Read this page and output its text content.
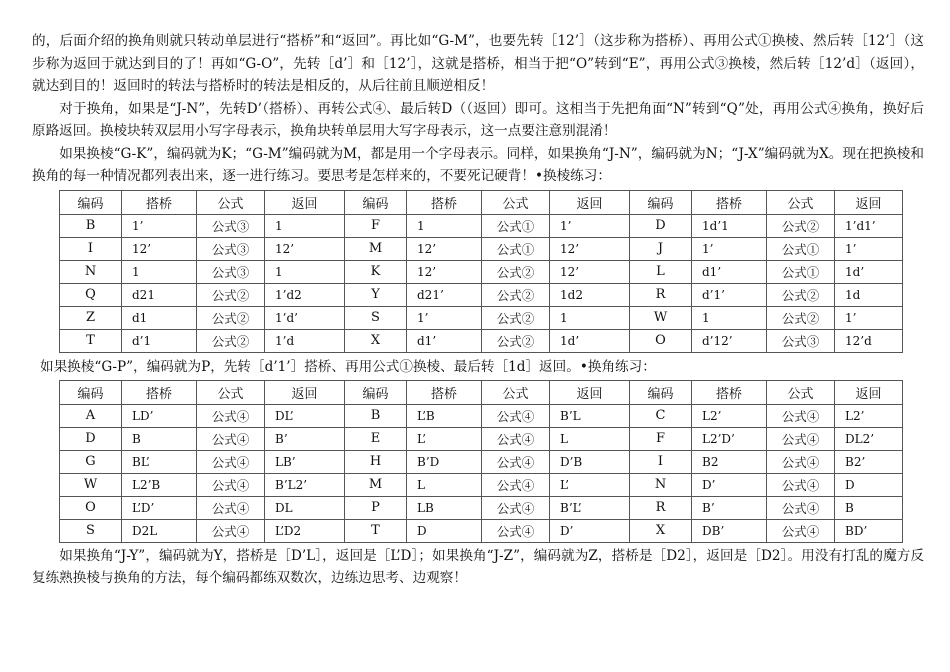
的，后面介绍的换角则就只转动单层进行“搭桥”和“返回”。再比如“G-M”，也要先转［12’］（这步称为搭桥）、再用公式①换棱、然后转［12’］（这步称为返回于就达到目的了！再如“G-O”，先转［d’］和［12’］，这就是搭桥，相当于把“O”转到“E”，再用公式③换棱，然后转［12’d］（返回），就达到目的！返回时的转法与搭桥时的转法是相反的，从后往前且顺逆相反！

对于换角，如果是“J-N”，先转D’（搭桥）、再转公式④、最后转D（（返回）即可。这相当于先把角面“N”转到“Q”处，再用公式④换角，换好后原路返回。换棱块转双层用小写字母表示，换角块转单层用大写字母表示，这一点要注意别混淆！

如果换棱“G-K”，编码就为K；“G-M”编码就为M，都是用一个字母表示。同样，如果换角“J-N”，编码就为N；“J-X”编码就为X。现在把换棱和换角的每一种情况都列表出来，逐一进行练习。要思考是怎样来的，不要死记硬背！•换棱练习：

编码	搭桥	公式	返回	编码	搭桥	公式	返回	编码	搭桥	公式	返回
B	1’	公式③	1	F	1	公式①	1’	D	1d’1	公式②	1’d1’
I	12’	公式③	12’	M	12’	公式①	12’	J	1’	公式①	1’
N	1	公式③	1	K	12’	公式②	12’	L	d1’	公式①	1d’
Q	d21	公式②	1’d2	Y	d21’	公式②	1d2	R	d’1’	公式②	1d
Z	d1	公式②	1’d’	S	1’	公式②	1	W	1	公式②	1’
T	d’1	公式②	1’d	X	d1’	公式②	1d’	O	d’12’	公式③	12’d

如果换棱“G-P”，编码就为P，先转［d’1’］搭桥、再用公式①换棱、最后转［1d］返回。•换角练习：

编码	搭桥	公式	返回	编码	搭桥	公式	返回	编码	搭桥	公式	返回
A	LD’	公式④	DL’	B	L’B	公式④	B’L	C	L2’	公式④	L2’
D	B	公式④	B’	E	L’	公式④	L	F	L2’D’	公式④	DL2’
G	BL’	公式④	LB’	H	B’D	公式④	D’B	I	B2	公式④	B2’
W	L2’B	公式④	B’L2’	M	L	公式④	L’	N	D’	公式④	D
O	L’D’	公式④	DL	P	LB	公式④	B’L’	R	B’	公式④	B
S	D2L	公式④	L’D2	T	D	公式④	D’	X	DB’	公式④	BD’

如果换角“J-Y”，编码就为Y，搭桥是［D’L］，返回是［L’D］；如果换角“J-Z”，编码就为Z，搭桥是［D2］，返回是［D2］。用没有打乱的魔方反复练熟换棱与换角的方法，每个编码都练双数次，边练边思考、边观察！
